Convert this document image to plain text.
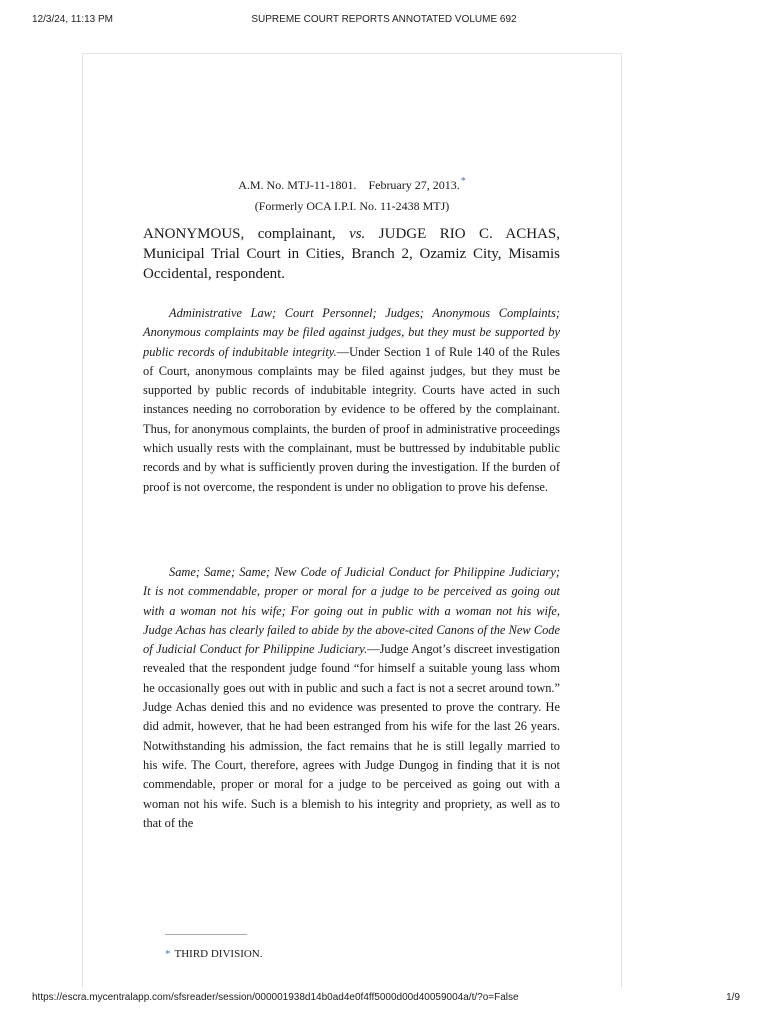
12/3/24, 11:13 PM	SUPREME COURT REPORTS ANNOTATED VOLUME 692
A.M. No. MTJ-11-1801.    February 27, 2013.*
(Formerly OCA I.P.I. No. 11-2438 MTJ)
ANONYMOUS, complainant, vs. JUDGE RIO C. ACHAS, Municipal Trial Court in Cities, Branch 2, Ozamiz City, Misamis Occidental, respondent.

Administrative Law; Court Personnel; Judges; Anonymous Complaints; Anonymous complaints may be filed against judges, but they must be supported by public records of indubitable integrity.—Under Section 1 of Rule 140 of the Rules of Court, anonymous complaints may be filed against judges, but they must be supported by public records of indubitable integrity. Courts have acted in such instances needing no corroboration by evidence to be offered by the complainant. Thus, for anonymous complaints, the burden of proof in administrative proceedings which usually rests with the complainant, must be buttressed by indubitable public records and by what is sufficiently proven during the investigation. If the burden of proof is not overcome, the respondent is under no obligation to prove his defense.

Same; Same; Same; New Code of Judicial Conduct for Philippine Judiciary; It is not commendable, proper or moral for a judge to be perceived as going out with a woman not his wife; For going out in public with a woman not his wife, Judge Achas has clearly failed to abide by the above-cited Canons of the New Code of Judicial Conduct for Philippine Judiciary.—Judge Angot’s discreet investigation revealed that the respondent judge found “for himself a suitable young lass whom he occasionally goes out with in public and such a fact is not a secret around town.” Judge Achas denied this and no evidence was presented to prove the contrary. He did admit, however, that he had been estranged from his wife for the last 26 years. Notwithstanding his admission, the fact remains that he is still legally married to his wife. The Court, therefore, agrees with Judge Dungog in finding that it is not commendable, proper or moral for a judge to be perceived as going out with a woman not his wife. Such is a blemish to his integrity and propriety, as well as to that of the

* THIRD DIVISION.
https://escra.mycentralapp.com/sfsreader/session/000001938d14b0ad4e0f4ff5000d00d40059004a/t/?o=False	1/9
